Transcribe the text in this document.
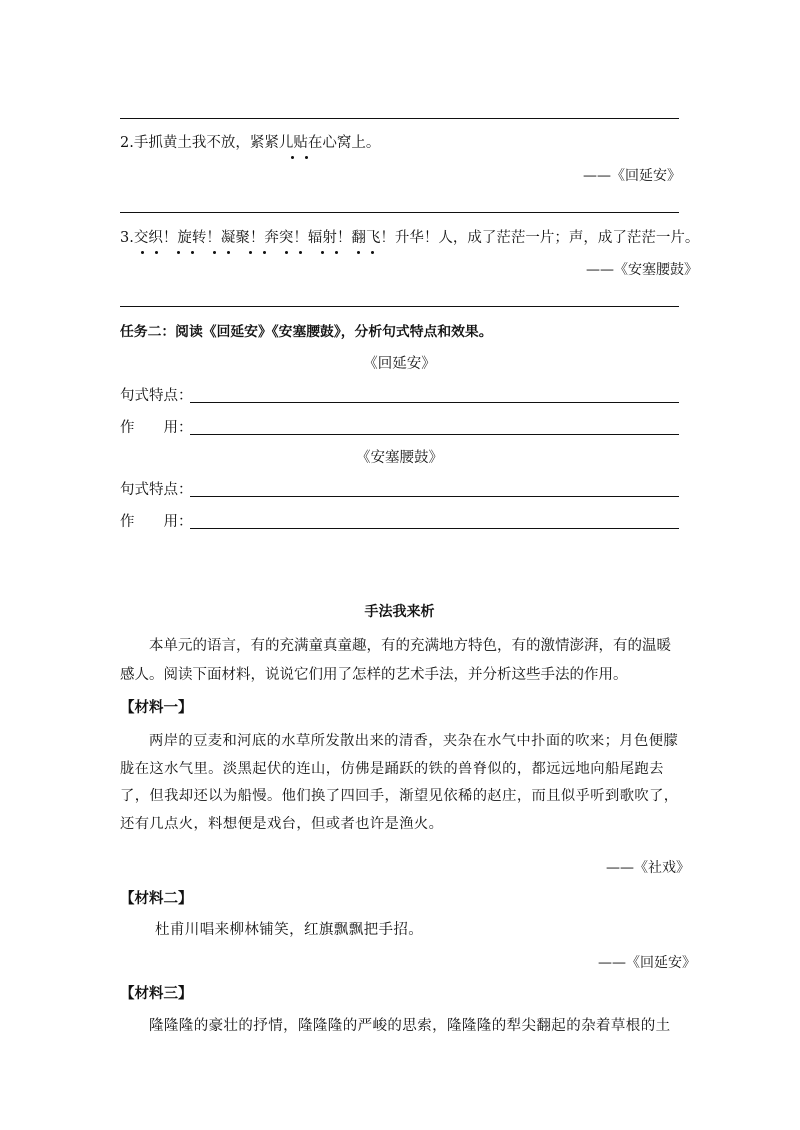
2.手抓黄土我不放，紧紧儿贴在心窝上。
——《回延安》
3.交织！旋转！凝聚！奔突！辐射！翻飞！升华！人，成了茫茫一片；声，成了茫茫一片。
——《安塞腰鼓》
任务二：阅读《回延安》《安塞腰鼓》，分析句式特点和效果。
《回延安》
句式特点：
作　　用：
《安塞腰鼓》
句式特点：
作　　用：
手法我来析
本单元的语言，有的充满童真童趣，有的充满地方特色，有的激情澎湃，有的温暖感人。阅读下面材料，说说它们用了怎样的艺术手法，并分析这些手法的作用。
【材料一】
两岸的豆麦和河底的水草所发散出来的清香，夹杂在水气中扑面的吹来；月色便朦胧在这水气里。淡黑起伏的连山，仿佛是踊跃的铁的兽脊似的，都远远地向船尾跑去了，但我却还以为船慢。他们换了四回手，渐望见依稀的赵庄，而且似乎听到歌吹了，还有几点火，料想便是戏台，但或者也许是渔火。
——《社戏》
【材料二】
杜甫川唱来柳林铺笑，红旗飘飘把手招。
——《回延安》
【材料三】
隆隆隆的豪壮的抒情，隆隆隆的严峻的思索，隆隆隆的犁尖翻起的杂着草根的土
